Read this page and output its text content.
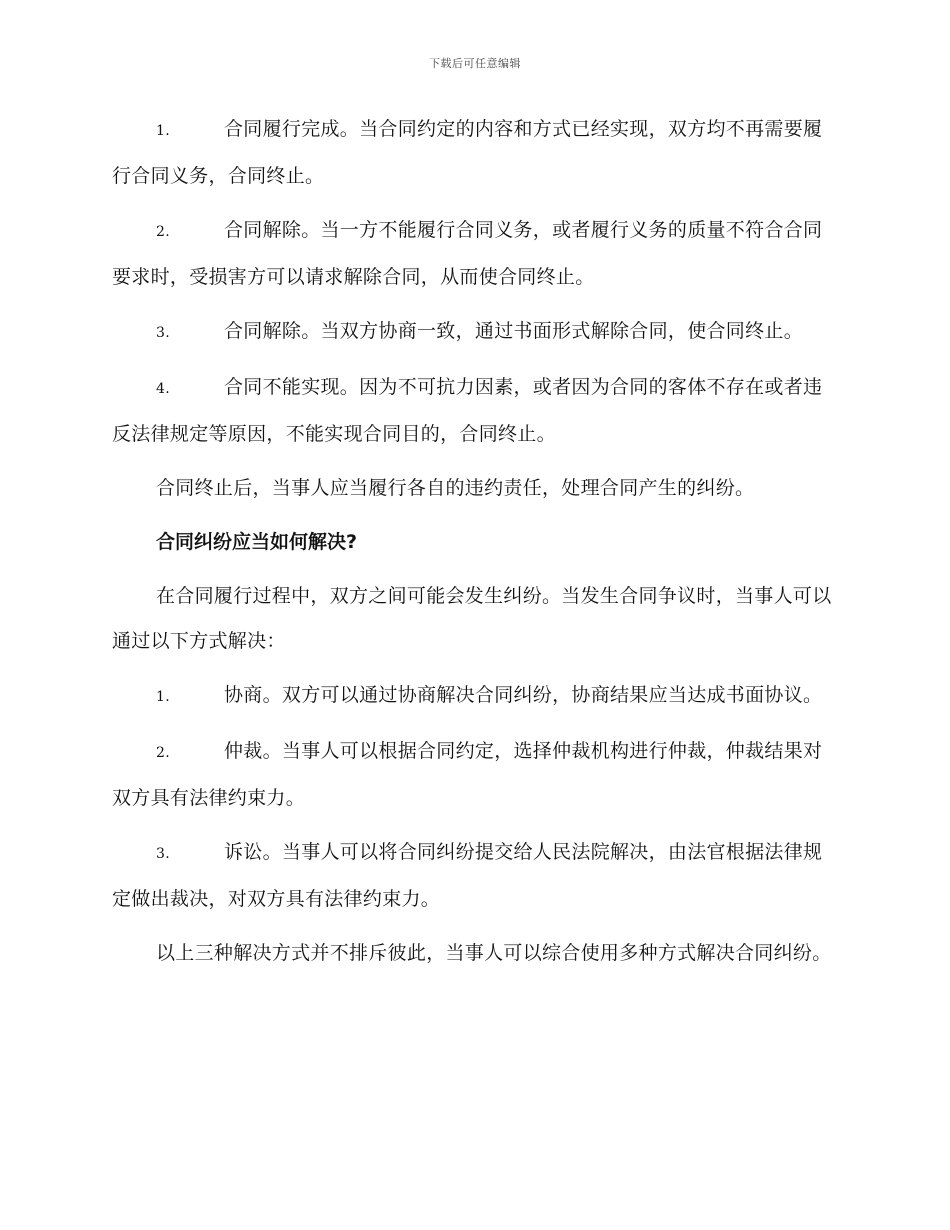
下载后可任意编辑

1.	合同履行完成。当合同约定的内容和方式已经实现，双方均不再需要履行合同义务，合同终止。

2.	合同解除。当一方不能履行合同义务，或者履行义务的质量不符合合同要求时，受损害方可以请求解除合同，从而使合同终止。

3.	合同解除。当双方协商一致，通过书面形式解除合同，使合同终止。

4.	合同不能实现。因为不可抗力因素，或者因为合同的客体不存在或者违反法律规定等原因，不能实现合同目的，合同终止。

合同终止后，当事人应当履行各自的违约责任，处理合同产生的纠纷。

合同纠纷应当如何解决?

在合同履行过程中，双方之间可能会发生纠纷。当发生合同争议时，当事人可以通过以下方式解决：

1.	协商。双方可以通过协商解决合同纠纷，协商结果应当达成书面协议。

2.	仲裁。当事人可以根据合同约定，选择仲裁机构进行仲裁，仲裁结果对双方具有法律约束力。

3.	诉讼。当事人可以将合同纠纷提交给人民法院解决，由法官根据法律规定做出裁决，对双方具有法律约束力。

以上三种解决方式并不排斥彼此，当事人可以综合使用多种方式解决合同纠纷。
